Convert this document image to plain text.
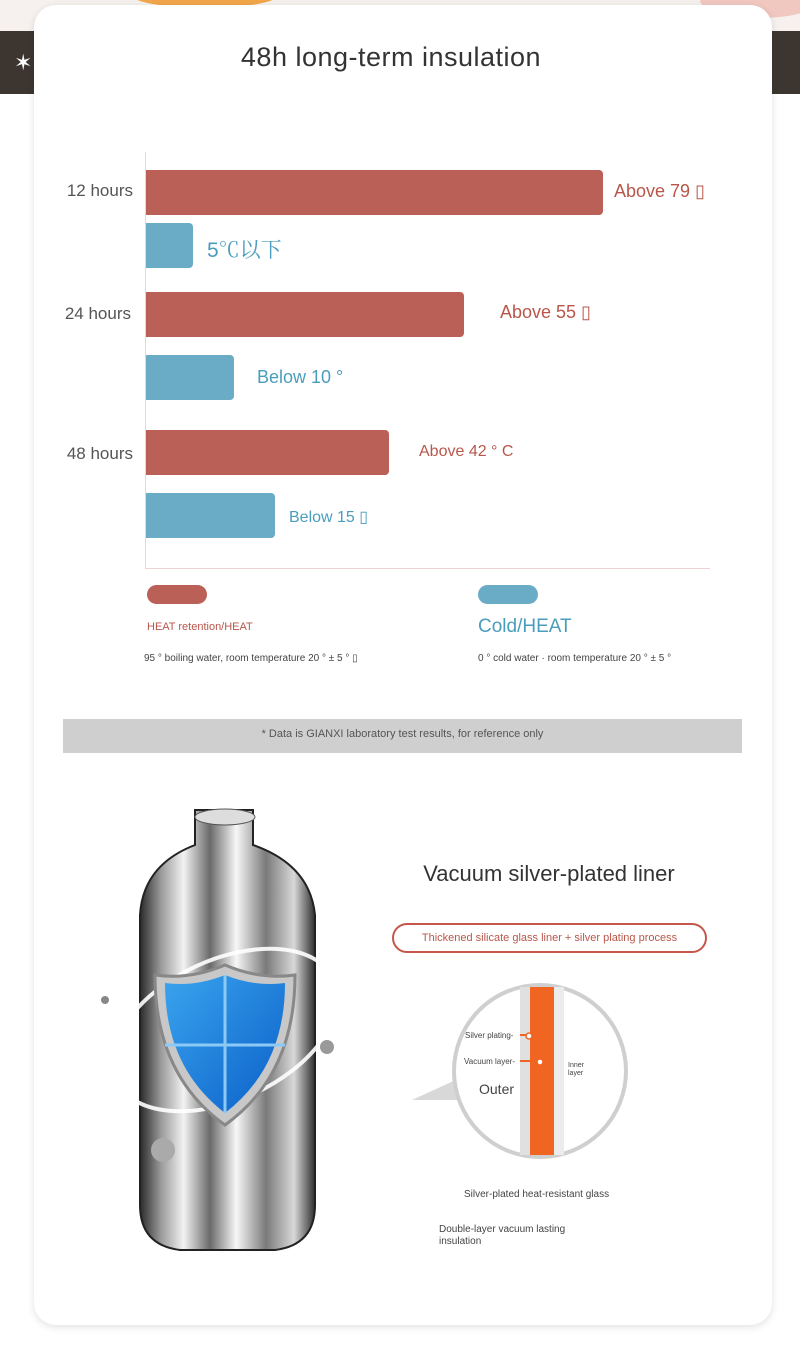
✶	48h long-term insulation
12 hours
24 hours
48 hours
Above 79 ▯
5℃以下
Above 55 ▯
Below 10 °
Above 42 ° C
Below 15 ▯
HEAT retention/HEAT	Cold/HEAT
95 ° boiling water, room temperature 20 ° ± 5 ° ▯	0 ° cold water · room temperature 20 ° ± 5 °
* Data is GIANXI laboratory test results, for reference only
Vacuum silver-plated liner
Thickened silicate glass liner + silver plating process
Silver plating-
Vacuum layer-
Outer
Inner layer
Silver-plated heat-resistant glass
Double-layer vacuum lasting insulation
